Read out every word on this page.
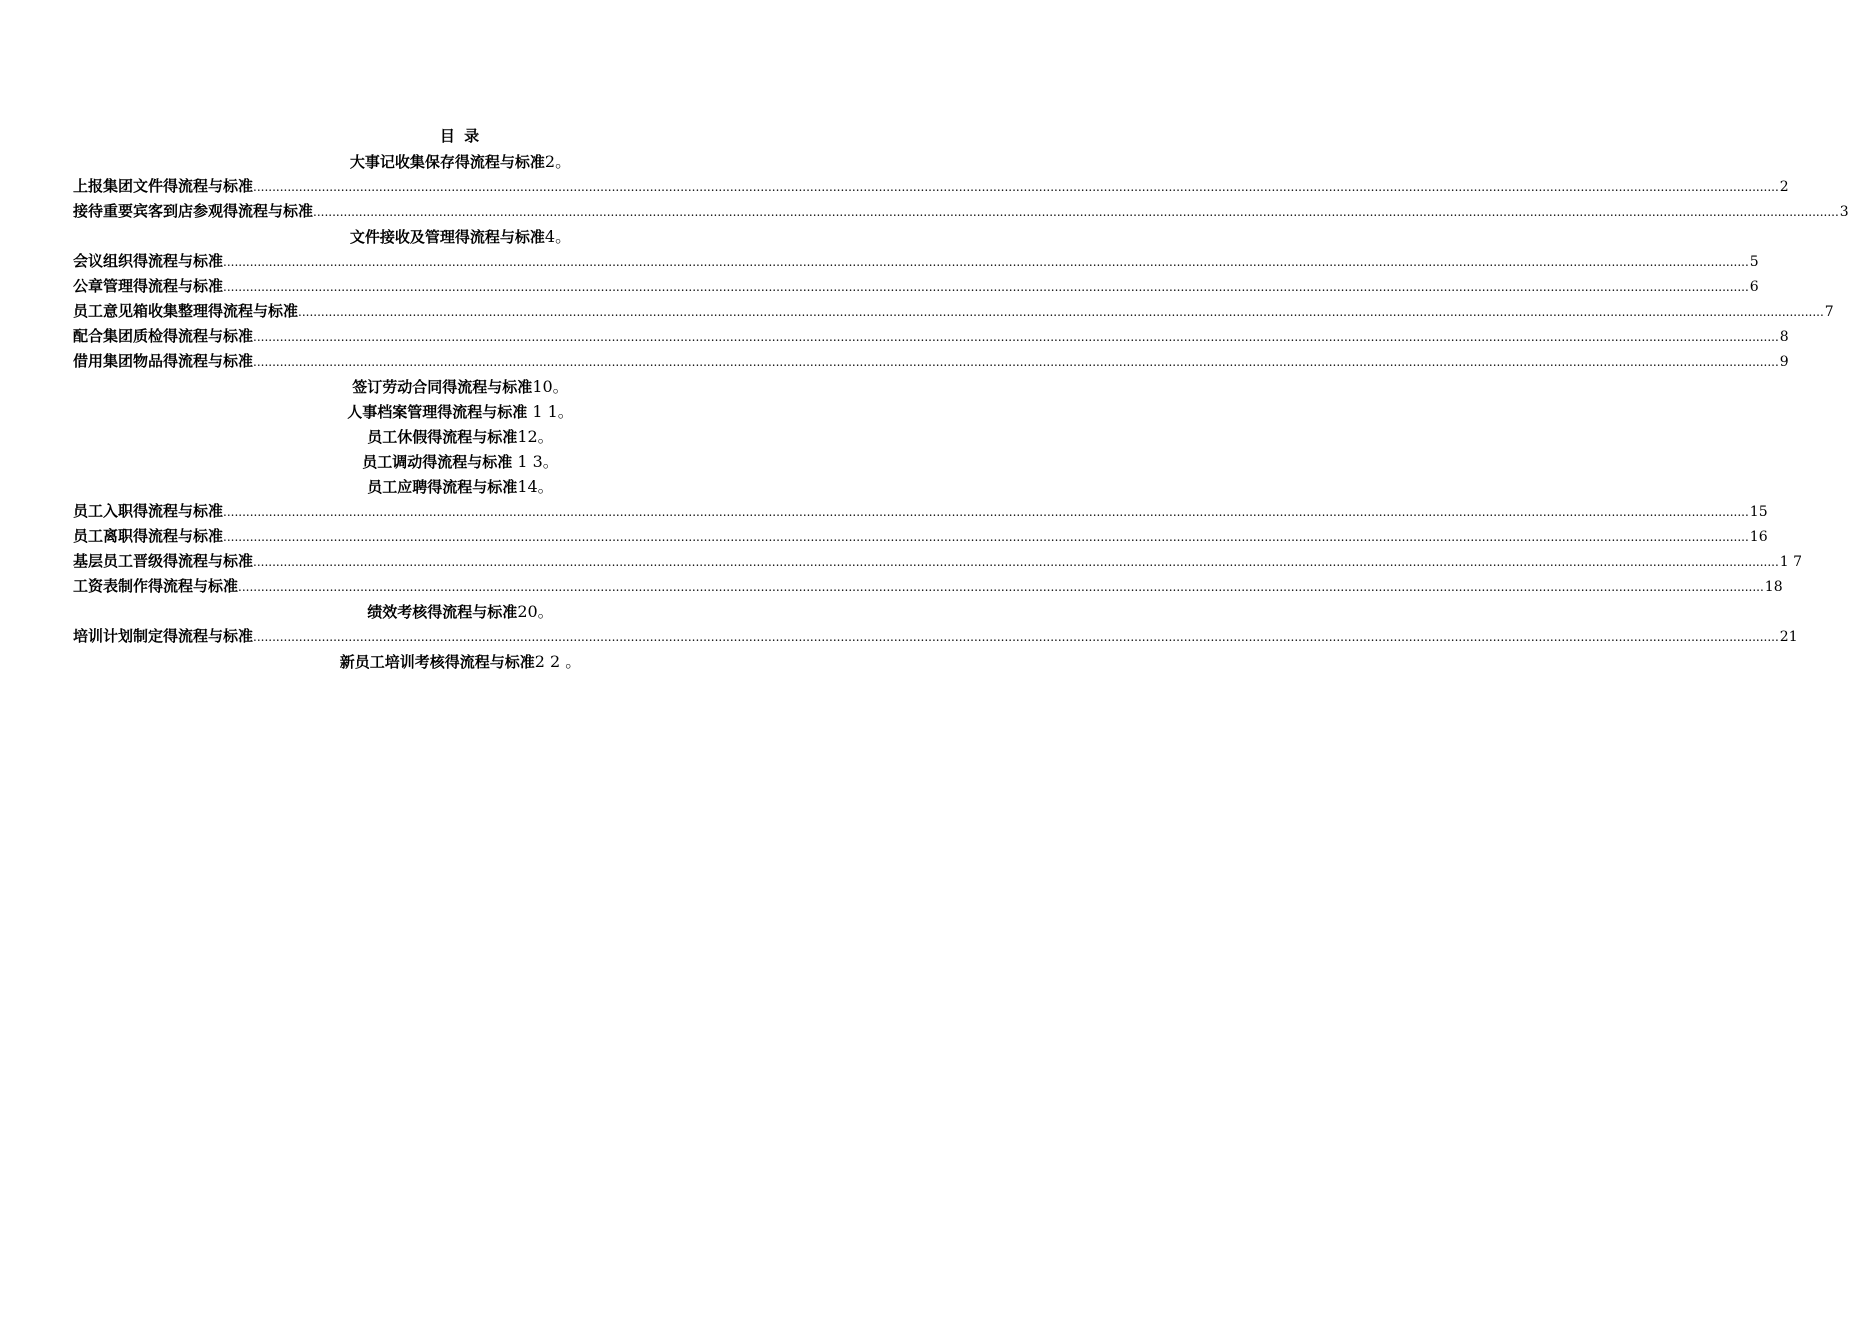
目 录
大事记收集保存得流程与标准2。
上报集团文件得流程与标准 ................................................................................................................................................................................................................................................................................................................................................................................................................ 2
接待重要宾客到店参观得流程与标准 ................................................................................................................................................................................................................................................................................................................................................................................................................ 3
文件接收及管理得流程与标准4。
会议组织得流程与标准 ................................................................................................................................................................................................................................................................................................................................................................................................................ 5
公章管理得流程与标准 ................................................................................................................................................................................................................................................................................................................................................................................................................ 6
员工意见箱收集整理得流程与标准 ................................................................................................................................................................................................................................................................................................................................................................................................................ 7
配合集团质检得流程与标准 ................................................................................................................................................................................................................................................................................................................................................................................................................ 8
借用集团物品得流程与标准 ................................................................................................................................................................................................................................................................................................................................................................................................................ 9
签订劳动合同得流程与标准10。
人事档案管理得流程与标准 1 1。
员工休假得流程与标准12。
员工调动得流程与标准 1 3。
员工应聘得流程与标准14。
员工入职得流程与标准 ................................................................................................................................................................................................................................................................................................................................................................................................................ 15
员工离职得流程与标准 ................................................................................................................................................................................................................................................................................................................................................................................................................ 16
基层员工晋级得流程与标准 ................................................................................................................................................................................................................................................................................................................................................................................................................ 1 7
工资表制作得流程与标准 ................................................................................................................................................................................................................................................................................................................................................................................................................ 18
绩效考核得流程与标准20。
培训计划制定得流程与标准 ................................................................................................................................................................................................................................................................................................................................................................................................................ 21
新员工培训考核得流程与标准2 2 。
